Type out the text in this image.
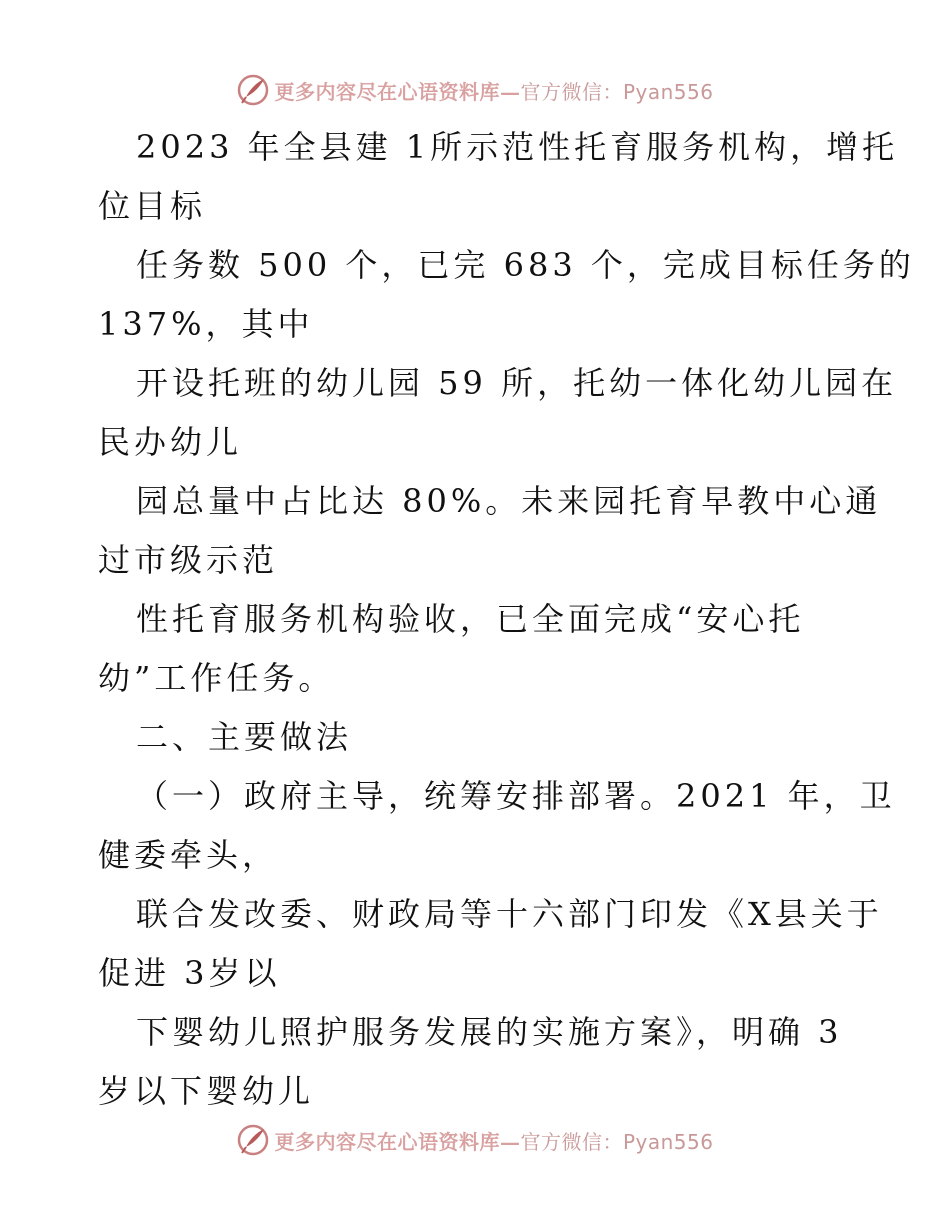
更多内容尽在心语资料库—官方微信：Pyan556
2023 年全县建 1所示范性托育服务机构，增托
位目标
任务数 500 个，已完 683 个，完成目标任务的
137%，其中
开设托班的幼儿园 59 所，托幼一体化幼儿园在
民办幼儿
园总量中占比达 80%。未来园托育早教中心通
过市级示范
性托育服务机构验收，已全面完成“安心托
幼”工作任务。
二、主要做法
（一）政府主导，统筹安排部署。2021 年，卫
健委牵头，
联合发改委、财政局等十六部门印发《X县关于
促进 3岁以
下婴幼儿照护服务发展的实施方案》，明确 3
岁以下婴幼儿
更多内容尽在心语资料库—官方微信：Pyan556
